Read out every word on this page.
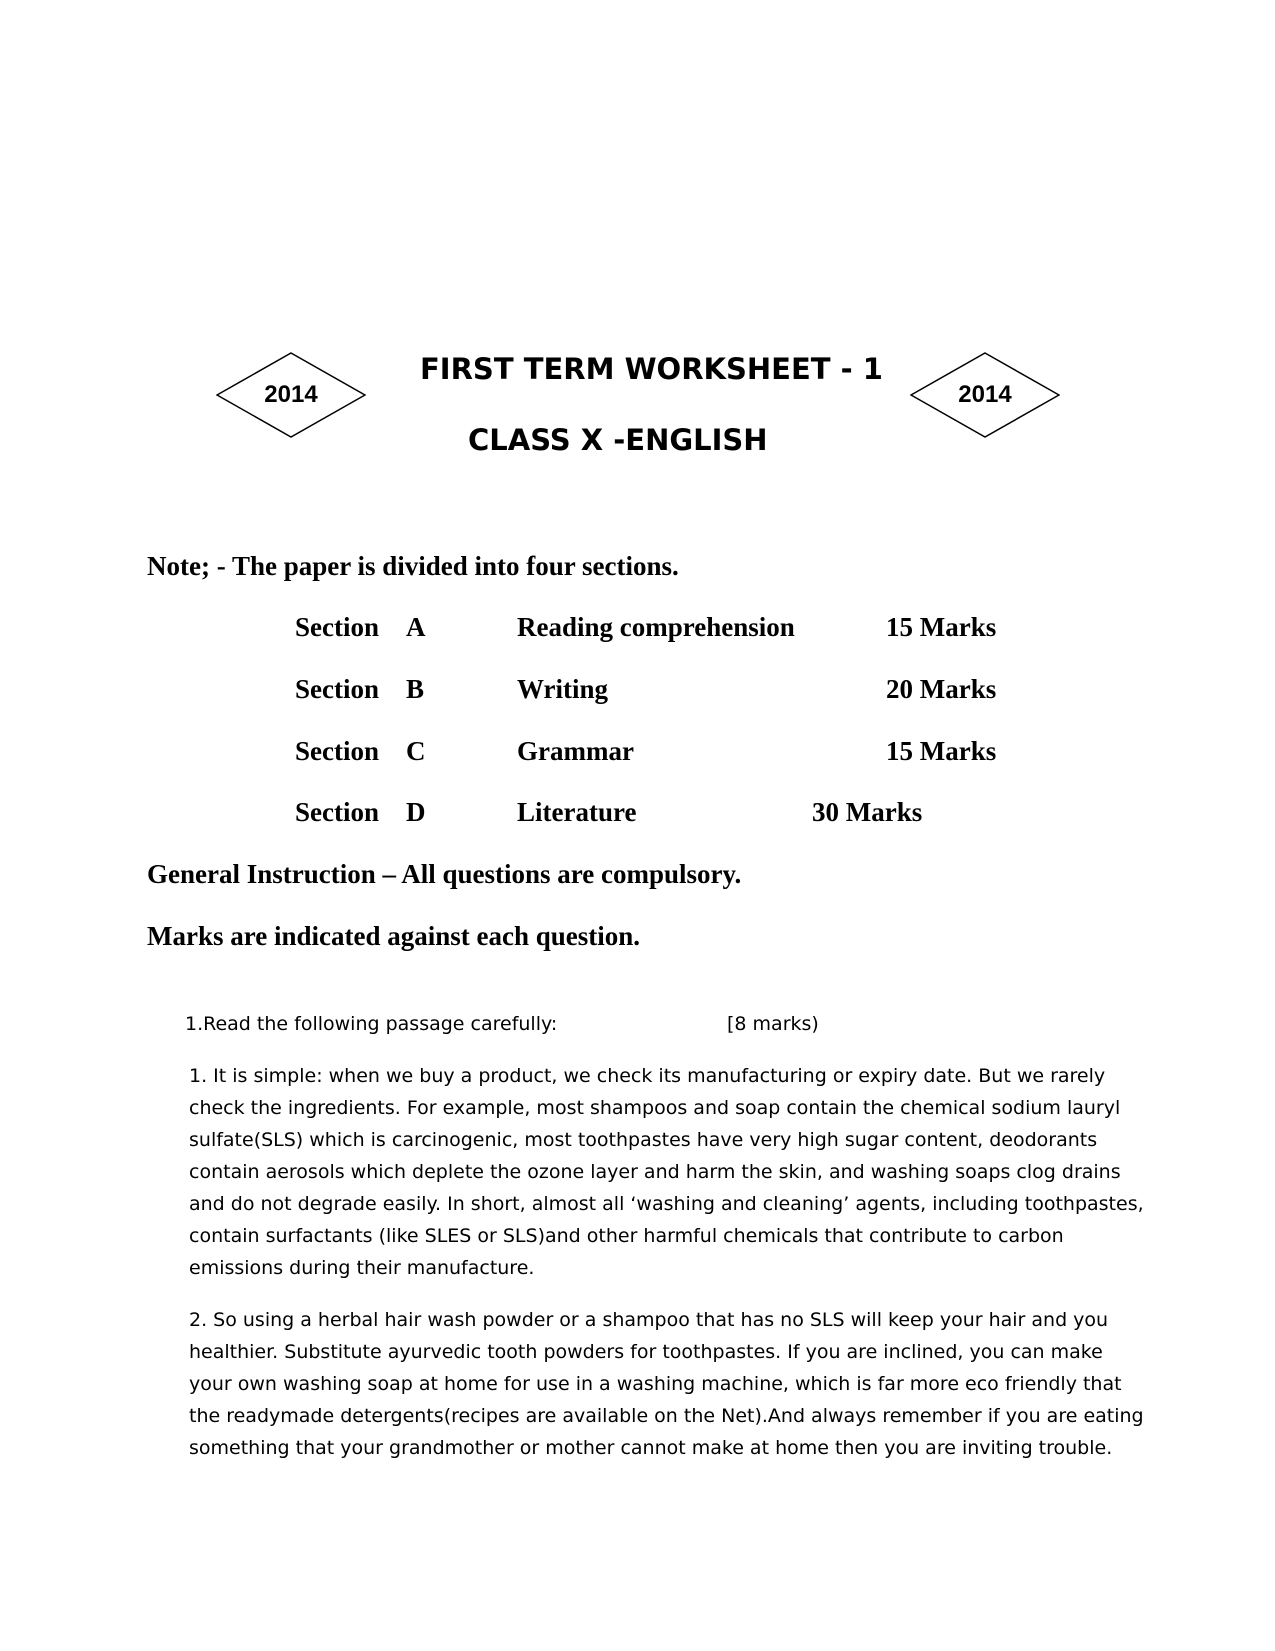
2014	2014
FIRST TERM WORKSHEET - 1
CLASS X -ENGLISH
Note; - The paper is divided into four sections.
Section A	Reading comprehension	15 Marks
Section B	Writing	20 Marks
Section C	Grammar	15 Marks
Section D	Literature	30 Marks
General Instruction – All questions are compulsory.
Marks are indicated against each question.
1.Read the following passage carefully:	[8 marks)
1. It is simple: when we buy a product, we check its manufacturing or expiry date. But we rarely
check the ingredients. For example, most shampoos and soap contain the chemical sodium lauryl
sulfate(SLS) which is carcinogenic, most toothpastes have very high sugar content, deodorants
contain aerosols which deplete the ozone layer and harm the skin, and washing soaps clog drains
and do not degrade easily. In short, almost all ‘washing and cleaning’ agents, including toothpastes,
contain surfactants (like SLES or SLS)and other harmful chemicals that contribute to carbon
emissions during their manufacture.
2. So using a herbal hair wash powder or a shampoo that has no SLS will keep your hair and you
healthier. Substitute ayurvedic tooth powders for toothpastes. If you are inclined, you can make
your own washing soap at home for use in a washing machine, which is far more eco friendly that
the readymade detergents(recipes are available on the Net).And always remember if you are eating
something that your grandmother or mother cannot make at home then you are inviting trouble.
